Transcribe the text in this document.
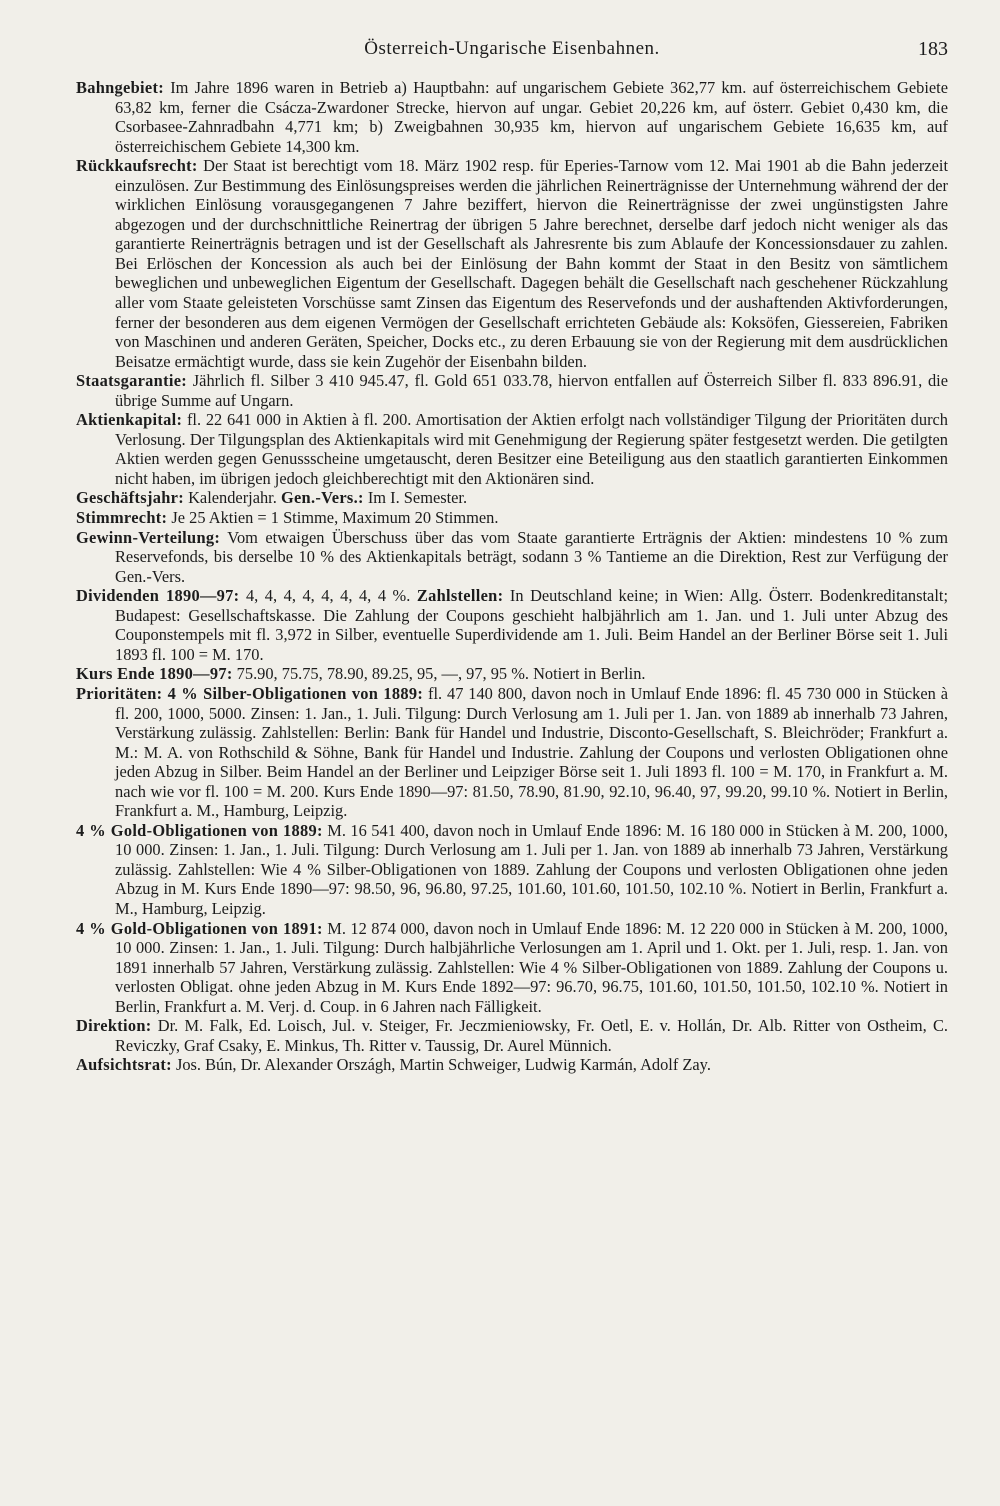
Österreich-Ungarische Eisenbahnen.	183

Bahngebiet: Im Jahre 1896 waren in Betrieb a) Hauptbahn: auf ungarischem Gebiete 362,77 km. auf österreichischem Gebiete 63,82 km, ferner die Csácza-Zwardoner Strecke, hiervon auf ungar. Gebiet 20,226 km, auf österr. Gebiet 0,430 km, die Csorbasee-Zahnradbahn 4,771 km; b) Zweigbahnen 30,935 km, hiervon auf ungarischem Gebiete 16,635 km, auf österreichischem Gebiete 14,300 km.

Rückkaufsrecht: Der Staat ist berechtigt vom 18. März 1902 resp. für Eperies-Tarnow vom 12. Mai 1901 ab die Bahn jederzeit einzulösen. Zur Bestimmung des Einlösungspreises werden die jährlichen Reinerträgnisse der Unternehmung während der der wirklichen Einlösung vorausgegangenen 7 Jahre beziffert, hiervon die Reinerträgnisse der zwei ungünstigsten Jahre abgezogen und der durchschnittliche Reinertrag der übrigen 5 Jahre berechnet, derselbe darf jedoch nicht weniger als das garantierte Reinerträgnis betragen und ist der Gesellschaft als Jahresrente bis zum Ablaufe der Koncessionsdauer zu zahlen. Bei Erlöschen der Koncession als auch bei der Einlösung der Bahn kommt der Staat in den Besitz von sämtlichem beweglichen und unbeweglichen Eigentum der Gesellschaft. Dagegen behält die Gesellschaft nach geschehener Rückzahlung aller vom Staate geleisteten Vorschüsse samt Zinsen das Eigentum des Reservefonds und der aushaftenden Aktivforderungen, ferner der besonderen aus dem eigenen Vermögen der Gesellschaft errichteten Gebäude als: Koksöfen, Giessereien, Fabriken von Maschinen und anderen Geräten, Speicher, Docks etc., zu deren Erbauung sie von der Regierung mit dem ausdrücklichen Beisatze ermächtigt wurde, dass sie kein Zugehör der Eisenbahn bilden.

Staatsgarantie: Jährlich fl. Silber 3 410 945.47, fl. Gold 651 033.78, hiervon entfallen auf Österreich Silber fl. 833 896.91, die übrige Summe auf Ungarn.

Aktienkapital: fl. 22 641 000 in Aktien à fl. 200. Amortisation der Aktien erfolgt nach vollständiger Tilgung der Prioritäten durch Verlosung. Der Tilgungsplan des Aktienkapitals wird mit Genehmigung der Regierung später festgesetzt werden. Die getilgten Aktien werden gegen Genussscheine umgetauscht, deren Besitzer eine Beteiligung aus den staatlich garantierten Einkommen nicht haben, im übrigen jedoch gleichberechtigt mit den Aktionären sind.

Geschäftsjahr: Kalenderjahr. Gen.-Vers.: Im I. Semester.

Stimmrecht: Je 25 Aktien = 1 Stimme, Maximum 20 Stimmen.

Gewinn-Verteilung: Vom etwaigen Überschuss über das vom Staate garantierte Erträgnis der Aktien: mindestens 10 % zum Reservefonds, bis derselbe 10 % des Aktienkapitals beträgt, sodann 3 % Tantieme an die Direktion, Rest zur Verfügung der Gen.-Vers.

Dividenden 1890—97: 4, 4, 4, 4, 4, 4, 4, 4 %. Zahlstellen: In Deutschland keine; in Wien: Allg. Österr. Bodenkreditanstalt; Budapest: Gesellschaftskasse. Die Zahlung der Coupons geschieht halbjährlich am 1. Jan. und 1. Juli unter Abzug des Couponstempels mit fl. 3,972 in Silber, eventuelle Superdividende am 1. Juli. Beim Handel an der Berliner Börse seit 1. Juli 1893 fl. 100 = M. 170.

Kurs Ende 1890—97: 75.90, 75.75, 78.90, 89.25, 95, —, 97, 95 %. Notiert in Berlin.

Prioritäten: 4 % Silber-Obligationen von 1889: fl. 47 140 800, davon noch in Umlauf Ende 1896: fl. 45 730 000 in Stücken à fl. 200, 1000, 5000. Zinsen: 1. Jan., 1. Juli. Tilgung: Durch Verlosung am 1. Juli per 1. Jan. von 1889 ab innerhalb 73 Jahren, Verstärkung zulässig. Zahlstellen: Berlin: Bank für Handel und Industrie, Disconto-Gesellschaft, S. Bleichröder; Frankfurt a. M.: M. A. von Rothschild & Söhne, Bank für Handel und Industrie. Zahlung der Coupons und verlosten Obligationen ohne jeden Abzug in Silber. Beim Handel an der Berliner und Leipziger Börse seit 1. Juli 1893 fl. 100 = M. 170, in Frankfurt a. M. nach wie vor fl. 100 = M. 200. Kurs Ende 1890—97: 81.50, 78.90, 81.90, 92.10, 96.40, 97, 99.20, 99.10 %. Notiert in Berlin, Frankfurt a. M., Hamburg, Leipzig.

4 % Gold-Obligationen von 1889: M. 16 541 400, davon noch in Umlauf Ende 1896: M. 16 180 000 in Stücken à M. 200, 1000, 10 000. Zinsen: 1. Jan., 1. Juli. Tilgung: Durch Verlosung am 1. Juli per 1. Jan. von 1889 ab innerhalb 73 Jahren, Verstärkung zulässig. Zahlstellen: Wie 4 % Silber-Obligationen von 1889. Zahlung der Coupons und verlosten Obligationen ohne jeden Abzug in M. Kurs Ende 1890—97: 98.50, 96, 96.80, 97.25, 101.60, 101.60, 101.50, 102.10 %. Notiert in Berlin, Frankfurt a. M., Hamburg, Leipzig.

4 % Gold-Obligationen von 1891: M. 12 874 000, davon noch in Umlauf Ende 1896: M. 12 220 000 in Stücken à M. 200, 1000, 10 000. Zinsen: 1. Jan., 1. Juli. Tilgung: Durch halbjährliche Verlosungen am 1. April und 1. Okt. per 1. Juli, resp. 1. Jan. von 1891 innerhalb 57 Jahren, Verstärkung zulässig. Zahlstellen: Wie 4 % Silber-Obligationen von 1889. Zahlung der Coupons u. verlosten Obligat. ohne jeden Abzug in M. Kurs Ende 1892—97: 96.70, 96.75, 101.60, 101.50, 101.50, 102.10 %. Notiert in Berlin, Frankfurt a. M. Verj. d. Coup. in 6 Jahren nach Fälligkeit.

Direktion: Dr. M. Falk, Ed. Loisch, Jul. v. Steiger, Fr. Jeczmieniowsky, Fr. Oetl, E. v. Hollán, Dr. Alb. Ritter von Ostheim, C. Reviczky, Graf Csaky, E. Minkus, Th. Ritter v. Taussig, Dr. Aurel Münnich.

Aufsichtsrat: Jos. Bún, Dr. Alexander Országh, Martin Schweiger, Ludwig Karmán, Adolf Zay.
